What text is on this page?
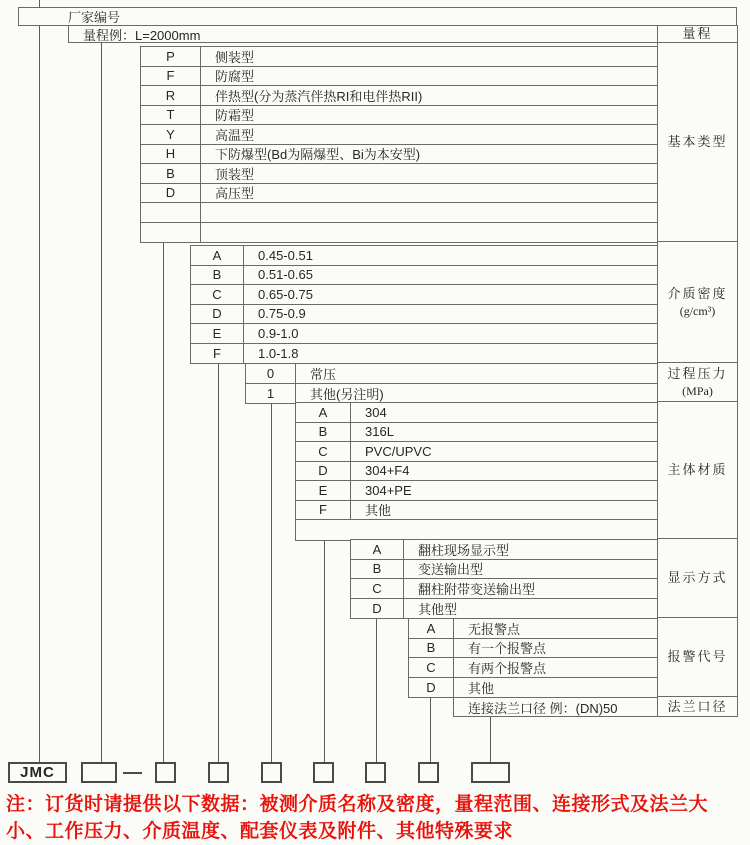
厂家编号
量程例：L=2000mm
P	侧装型
F	防腐型
R	伴热型(分为蒸汽伴热RI和电伴热RII)
T	防霜型
Y	高温型
H	下防爆型(Bd为隔爆型、Bi为本安型)
B	顶装型
D	高压型
A	0.45-0.51
B	0.51-0.65
C	0.65-0.75
D	0.75-0.9
E	0.9-1.0
F	1.0-1.8
0	常压
1	其他(另注明)
A	304
B	316L
C	PVC/UPVC
D	304+F4
E	304+PE
F	其他
A	翻柱现场显示型
B	变送输出型
C	翻柱附带变送输出型
D	其他型
A	无报警点
B	有一个报警点
C	有两个报警点
D	其他
连接法兰口径 例：(DN)50
量程
基本类型
介质密度
(g/cm³)
过程压力
(MPa)
主体材质
显示方式
报警代号
法兰口径
JMC
注：订货时请提供以下数据：被测介质名称及密度，量程范围、连接形式及法兰大小、工作压力、介质温度、配套仪表及附件、其他特殊要求
